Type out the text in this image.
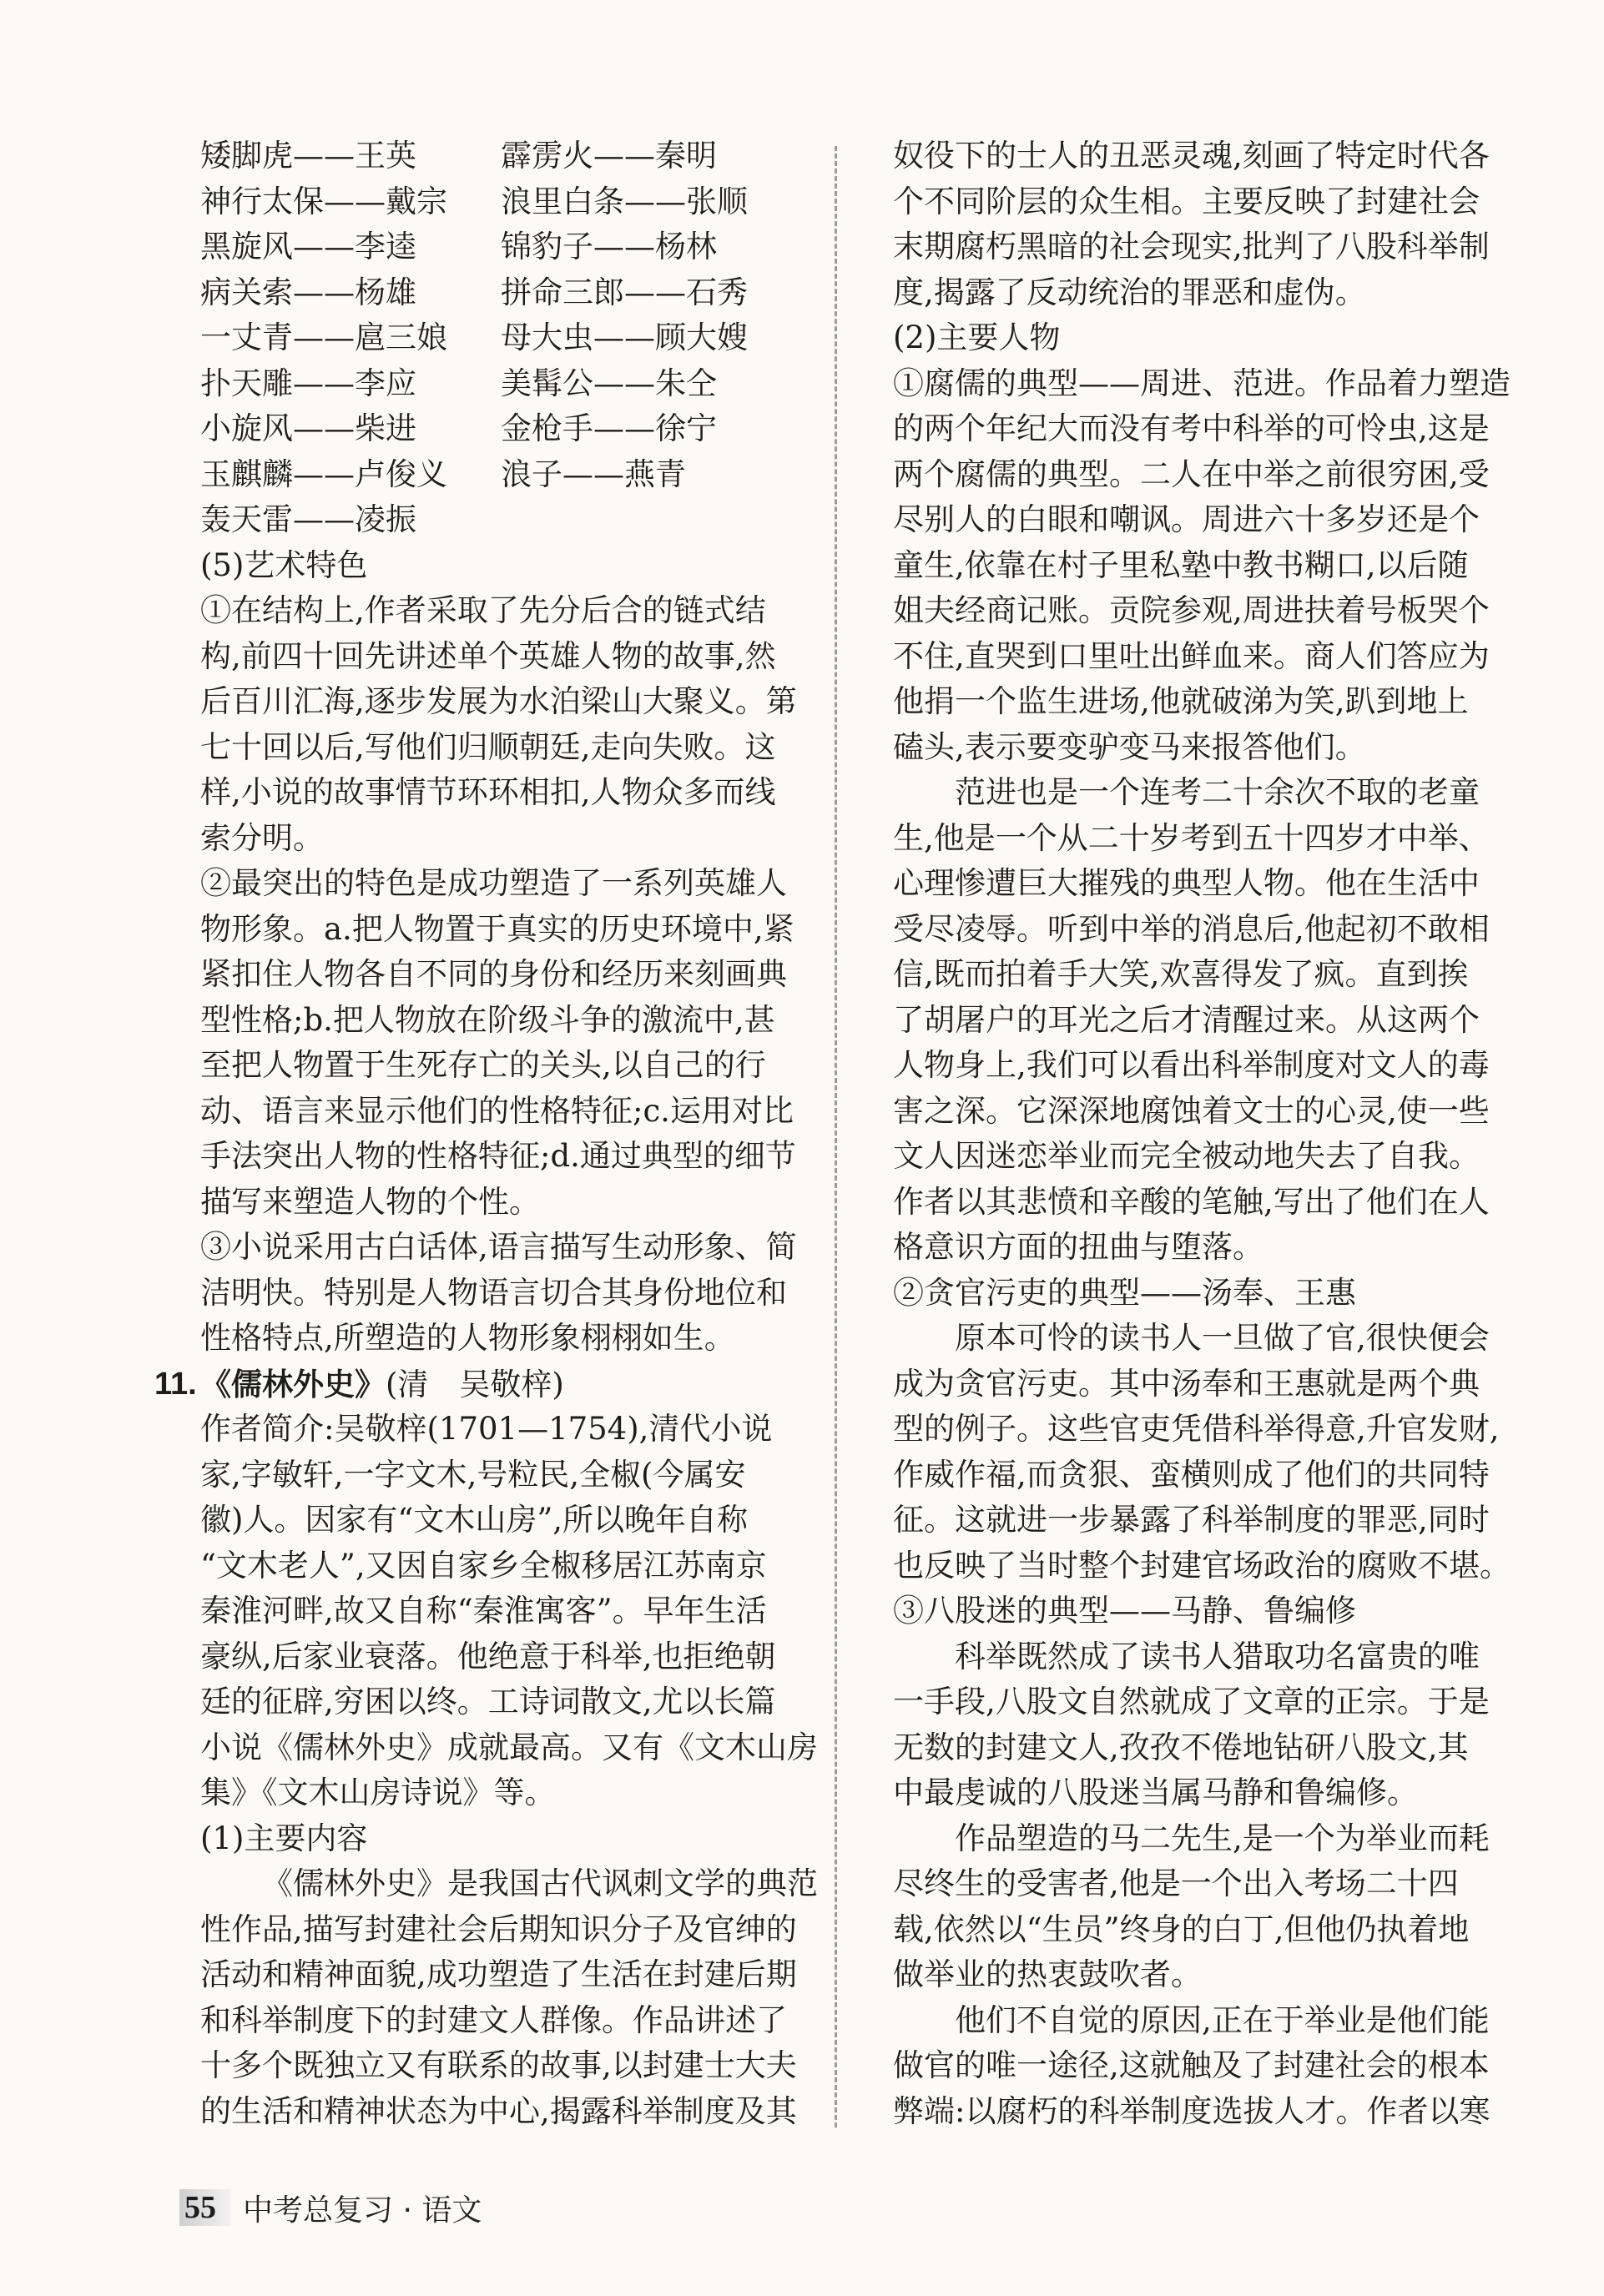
矮脚虎——王英	霹雳火——秦明
神行太保——戴宗	浪里白条——张顺
黑旋风——李逵	锦豹子——杨林
病关索——杨雄	拼命三郎——石秀
一丈青——扈三娘	母大虫——顾大嫂
扑天雕——李应	美髯公——朱仝
小旋风——柴进	金枪手——徐宁
玉麒麟——卢俊义	浪子——燕青
轰天雷——凌振
(5)艺术特色
①在结构上,作者采取了先分后合的链式结
构,前四十回先讲述单个英雄人物的故事,然
后百川汇海,逐步发展为水泊梁山大聚义。第
七十回以后,写他们归顺朝廷,走向失败。这
样,小说的故事情节环环相扣,人物众多而线
索分明。
②最突出的特色是成功塑造了一系列英雄人
物形象。a.把人物置于真实的历史环境中,紧
紧扣住人物各自不同的身份和经历来刻画典
型性格;b.把人物放在阶级斗争的激流中,甚
至把人物置于生死存亡的关头,以自己的行
动、语言来显示他们的性格特征;c.运用对比
手法突出人物的性格特征;d.通过典型的细节
描写来塑造人物的个性。
③小说采用古白话体,语言描写生动形象、简
洁明快。特别是人物语言切合其身份地位和
性格特点,所塑造的人物形象栩栩如生。
11. 《儒林外史》(清　吴敬梓)
作者简介:吴敬梓(1701—1754),清代小说
家,字敏轩,一字文木,号粒民,全椒(今属安
徽)人。因家有“文木山房”,所以晚年自称
“文木老人”,又因自家乡全椒移居江苏南京
秦淮河畔,故又自称“秦淮寓客”。早年生活
豪纵,后家业衰落。他绝意于科举,也拒绝朝
廷的征辟,穷困以终。工诗词散文,尤以长篇
小说《儒林外史》成就最高。又有《文木山房
集》《文木山房诗说》等。
(1)主要内容
《儒林外史》是我国古代讽刺文学的典范
性作品,描写封建社会后期知识分子及官绅的
活动和精神面貌,成功塑造了生活在封建后期
和科举制度下的封建文人群像。作品讲述了
十多个既独立又有联系的故事,以封建士大夫
的生活和精神状态为中心,揭露科举制度及其
奴役下的士人的丑恶灵魂,刻画了特定时代各
个不同阶层的众生相。主要反映了封建社会
末期腐朽黑暗的社会现实,批判了八股科举制
度,揭露了反动统治的罪恶和虚伪。
(2)主要人物
①腐儒的典型——周进、范进。作品着力塑造
的两个年纪大而没有考中科举的可怜虫,这是
两个腐儒的典型。二人在中举之前很穷困,受
尽别人的白眼和嘲讽。周进六十多岁还是个
童生,依靠在村子里私塾中教书糊口,以后随
姐夫经商记账。贡院参观,周进扶着号板哭个
不住,直哭到口里吐出鲜血来。商人们答应为
他捐一个监生进场,他就破涕为笑,趴到地上
磕头,表示要变驴变马来报答他们。
范进也是一个连考二十余次不取的老童
生,他是一个从二十岁考到五十四岁才中举、
心理惨遭巨大摧残的典型人物。他在生活中
受尽凌辱。听到中举的消息后,他起初不敢相
信,既而拍着手大笑,欢喜得发了疯。直到挨
了胡屠户的耳光之后才清醒过来。从这两个
人物身上,我们可以看出科举制度对文人的毒
害之深。它深深地腐蚀着文士的心灵,使一些
文人因迷恋举业而完全被动地失去了自我。
作者以其悲愤和辛酸的笔触,写出了他们在人
格意识方面的扭曲与堕落。
②贪官污吏的典型——汤奉、王惠
原本可怜的读书人一旦做了官,很快便会
成为贪官污吏。其中汤奉和王惠就是两个典
型的例子。这些官吏凭借科举得意,升官发财,
作威作福,而贪狠、蛮横则成了他们的共同特
征。这就进一步暴露了科举制度的罪恶,同时
也反映了当时整个封建官场政治的腐败不堪。
③八股迷的典型——马静、鲁编修
科举既然成了读书人猎取功名富贵的唯
一手段,八股文自然就成了文章的正宗。于是
无数的封建文人,孜孜不倦地钻研八股文,其
中最虔诚的八股迷当属马静和鲁编修。
作品塑造的马二先生,是一个为举业而耗
尽终生的受害者,他是一个出入考场二十四
载,依然以“生员”终身的白丁,但他仍执着地
做举业的热衷鼓吹者。
他们不自觉的原因,正在于举业是他们能
做官的唯一途径,这就触及了封建社会的根本
弊端:以腐朽的科举制度选拔人才。作者以寒
55 中考总复习 · 语文
